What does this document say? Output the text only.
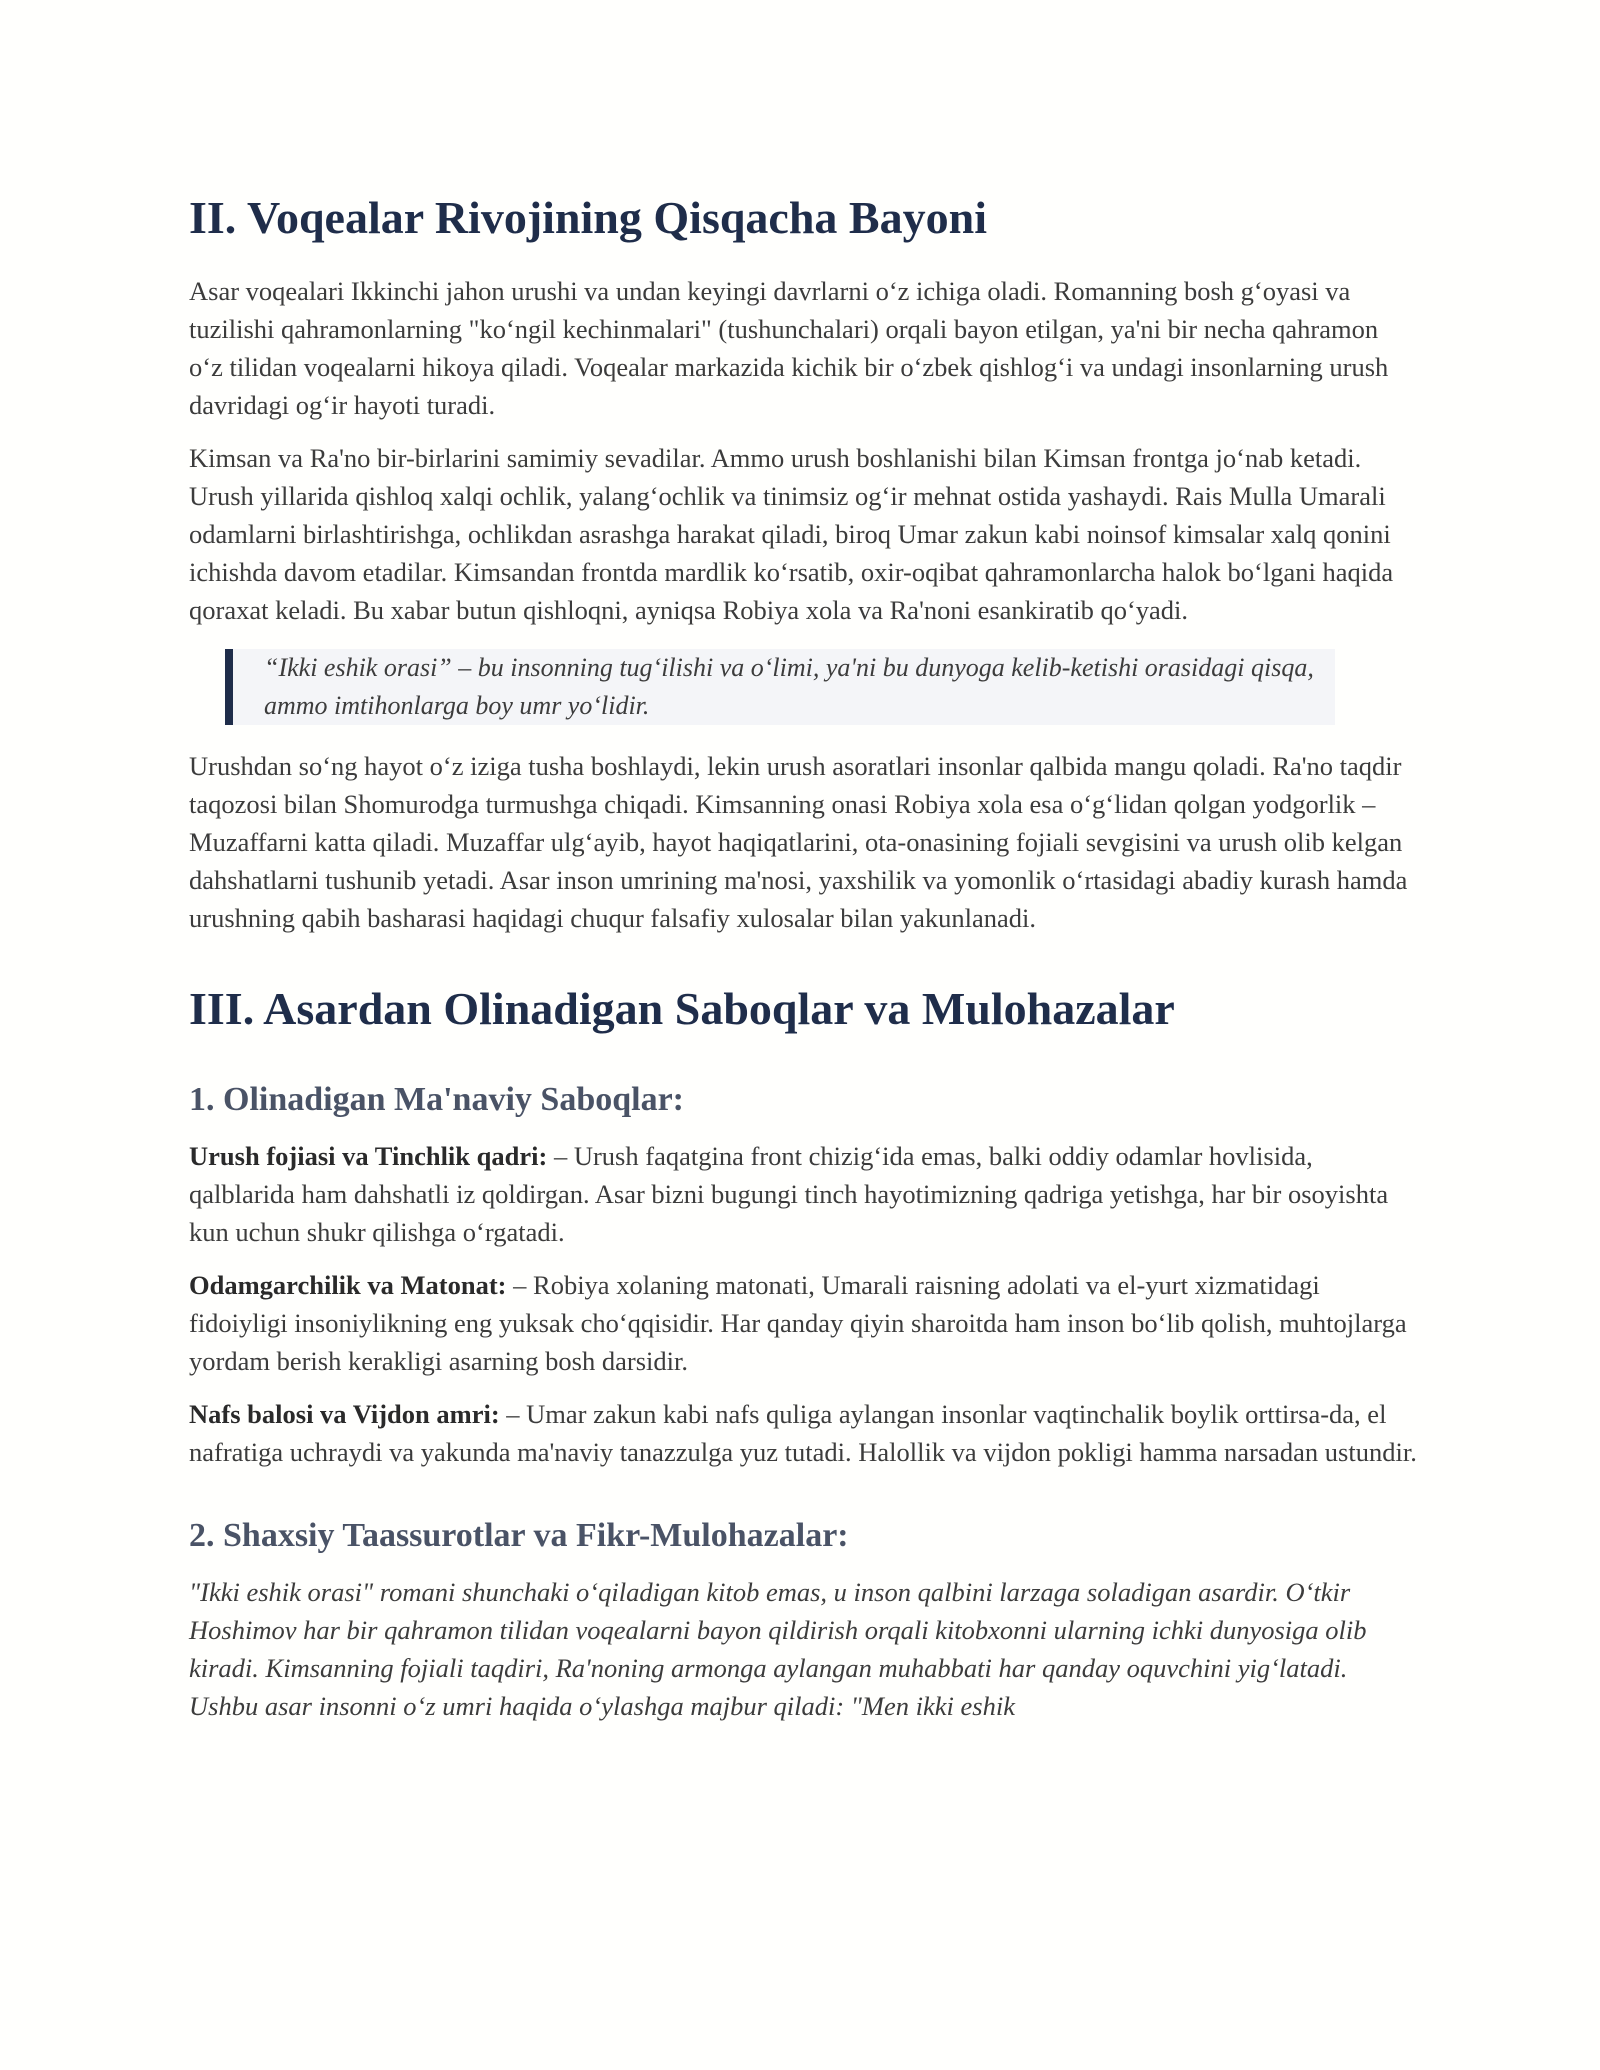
II. Voqealar Rivojining Qisqacha Bayoni

Asar voqealari Ikkinchi jahon urushi va undan keyingi davrlarni o‘z ichiga oladi. Romanning bosh g‘oyasi va tuzilishi qahramonlarning "ko‘ngil kechinmalari" (tushunchalari) orqali bayon etilgan, ya'ni bir necha qahramon o‘z tilidan voqealarni hikoya qiladi. Voqealar markazida kichik bir o‘zbek qishlog‘i va undagi insonlarning urush davridagi og‘ir hayoti turadi.

Kimsan va Ra'no bir-birlarini samimiy sevadilar. Ammo urush boshlanishi bilan Kimsan frontga jo‘nab ketadi. Urush yillarida qishloq xalqi ochlik, yalang‘ochlik va tinimsiz og‘ir mehnat ostida yashaydi. Rais Mulla Umarali odamlarni birlashtirishga, ochlikdan asrashga harakat qiladi, biroq Umar zakun kabi noinsof kimsalar xalq qonini ichishda davom etadilar. Kimsandan frontda mardlik ko‘rsatib, oxir-oqibat qahramonlarcha halok bo‘lgani haqida qoraxat keladi. Bu xabar butun qishloqni, ayniqsa Robiya xola va Ra'noni esankiratib qo‘yadi.

“Ikki eshik orasi” – bu insonning tug‘ilishi va o‘limi, ya'ni bu dunyoga kelib-ketishi orasidagi qisqa, ammo imtihonlarga boy umr yo‘lidir.

Urushdan so‘ng hayot o‘z iziga tusha boshlaydi, lekin urush asoratlari insonlar qalbida mangu qoladi. Ra'no taqdir taqozosi bilan Shomurodga turmushga chiqadi. Kimsanning onasi Robiya xola esa o‘g‘lidan qolgan yodgorlik – Muzaffarni katta qiladi. Muzaffar ulg‘ayib, hayot haqiqatlarini, ota-onasining fojiali sevgisini va urush olib kelgan dahshatlarni tushunib yetadi. Asar inson umrining ma'nosi, yaxshilik va yomonlik o‘rtasidagi abadiy kurash hamda urushning qabih basharasi haqidagi chuqur falsafiy xulosalar bilan yakunlanadi.

III. Asardan Olinadigan Saboqlar va Mulohazalar
1. Olinadigan Ma'naviy Saboqlar:

Urush fojiasi va Tinchlik qadri: – Urush faqatgina front chizig‘ida emas, balki oddiy odamlar hovlisida, qalblarida ham dahshatli iz qoldirgan. Asar bizni bugungi tinch hayotimizning qadriga yetishga, har bir osoyishta kun uchun shukr qilishga o‘rgatadi.

Odamgarchilik va Matonat: – Robiya xolaning matonati, Umarali raisning adolati va el-yurt xizmatidagi fidoiyligi insoniylikning eng yuksak cho‘qqisidir. Har qanday qiyin sharoitda ham inson bo‘lib qolish, muhtojlarga yordam berish kerakligi asarning bosh darsidir.

Nafs balosi va Vijdon amri: – Umar zakun kabi nafs quliga aylangan insonlar vaqtinchalik boylik orttirsa-da, el nafratiga uchraydi va yakunda ma'naviy tanazzulga yuz tutadi. Halollik va vijdon pokligi hamma narsadan ustundir.

2. Shaxsiy Taassurotlar va Fikr-Mulohazalar:

"Ikki eshik orasi" romani shunchaki o‘qiladigan kitob emas, u inson qalbini larzaga soladigan asardir. O‘tkir Hoshimov har bir qahramon tilidan voqealarni bayon qildirish orqali kitobxonni ularning ichki dunyosiga olib kiradi. Kimsanning fojiali taqdiri, Ra'noning armonga aylangan muhabbati har qanday oquvchini yig‘latadi. Ushbu asar insonni o‘z umri haqida o‘ylashga majbur qiladi: "Men ikki eshik
